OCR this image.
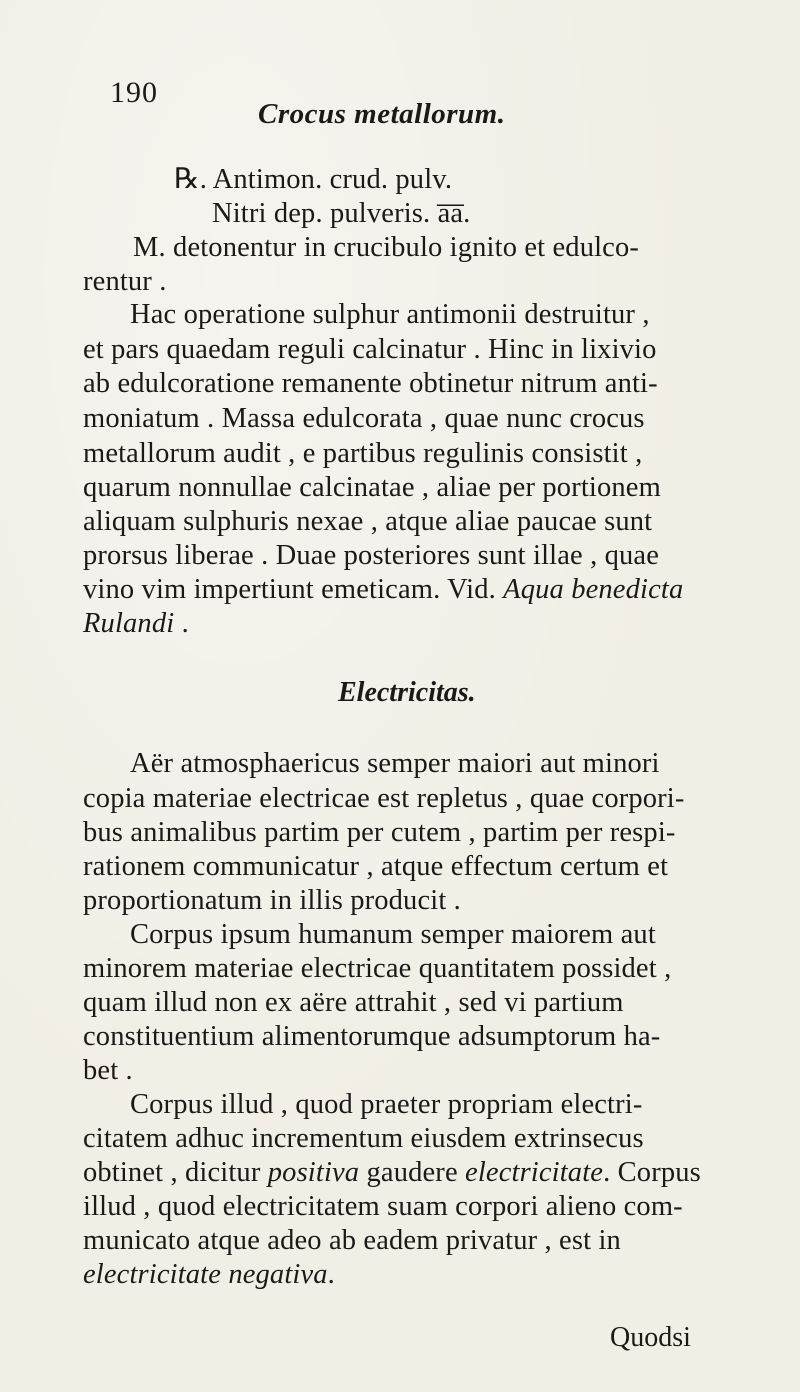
190
Crocus metallorum.
℞. Antimon. crud. pulv.
Nitri dep. pulveris. a̅a̅.
M. detonentur in crucibulo ignito et edulco-
rentur .
Hac operatione sulphur antimonii destruitur ,
et pars quaedam reguli calcinatur . Hinc in lixivio
ab edulcoratione remanente obtinetur nitrum anti-
moniatum . Massa edulcorata , quae nunc crocus
metallorum audit , e partibus regulinis consistit ,
quarum nonnullae calcinatae , aliae per portionem
aliquam sulphuris nexae , atque aliae paucae sunt
prorsus liberae . Duae posteriores sunt illae , quae
vino vim impertiunt emeticam. Vid. Aqua benedicta
Rulandi .
Electricitas.
Aër atmosphaericus semper maiori aut minori
copia materiae electricae est repletus , quae corpori-
bus animalibus partim per cutem , partim per respi-
rationem communicatur , atque effectum certum et
proportionatum in illis producit .
Corpus ipsum humanum semper maiorem aut
minorem materiae electricae quantitatem possidet ,
quam illud non ex aëre attrahit , sed vi partium
constituentium alimentorumque adsumptorum ha-
bet .
Corpus illud , quod praeter propriam electri-
citatem adhuc incrementum eiusdem extrinsecus
obtinet , dicitur positiva gaudere electricitate. Corpus
illud , quod electricitatem suam corpori alieno com-
municato atque adeo ab eadem privatur , est in
electricitate negativa.
Quodsi
